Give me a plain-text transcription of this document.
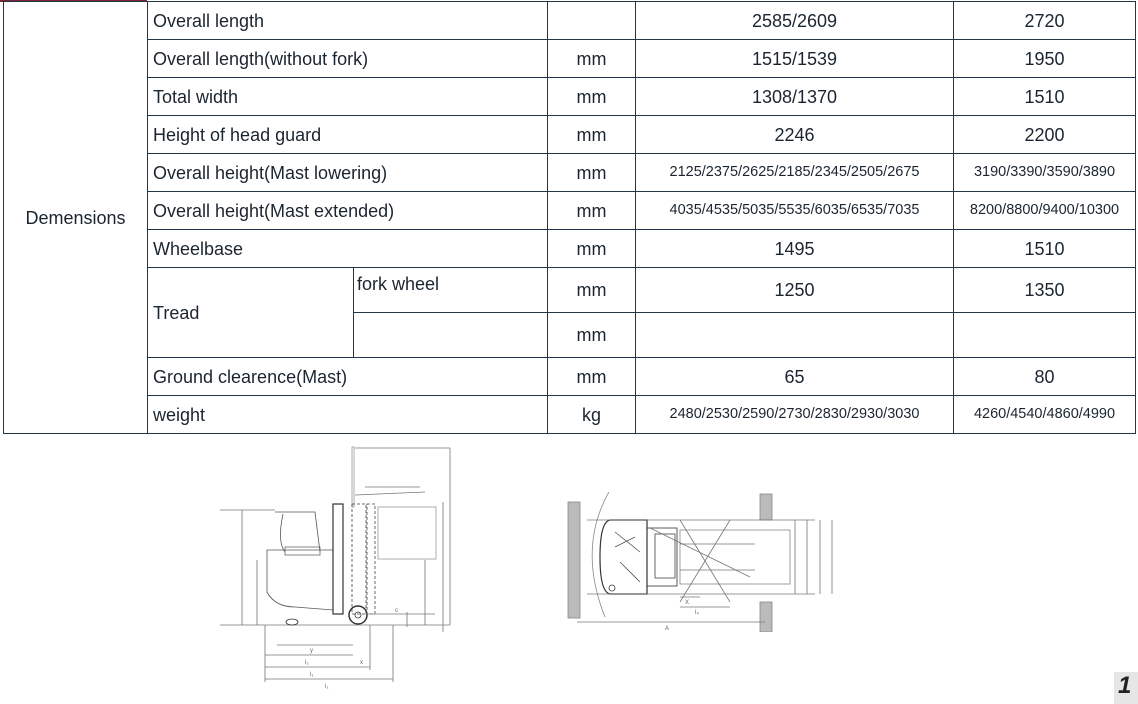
Demensions	Overall length			2585/2609	2720
	Overall length(without fork)		mm	1515/1539	1950
	Total width		mm	1308/1370	1510
	Height of head guard		mm	2246	2200
	Overall height(Mast lowering)		mm	2125/2375/2625/2185/2345/2505/2675	3190/3390/3590/3890
	Overall height(Mast extended)		mm	4035/4535/5035/5535/6035/6535/7035	8200/8800/9400/10300
	Wheelbase		mm	1495	1510
	Tread	fork wheel	mm	1250	1350
			mm		
	Ground clearence(Mast)		mm	65	80
	weight		kg	2480/2530/2590/2730/2830/2930/3030	4260/4540/4860/4990
y
l₂
l₁
x
l₁
c
A
l₄
X
1
